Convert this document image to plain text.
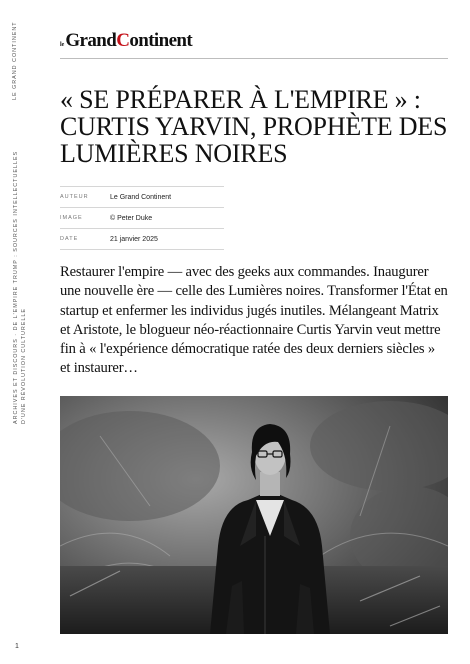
LE GRAND CONTINENT
ARCHIVES ET DISCOURS · DE L'EMPIRE TRUMP : SOURCES INTELLECTUELLES D'UNE RÉVOLUTION CULTURELLE
1
le GrandContinent
« SE PRÉPARER À L'EMPIRE » : CURTIS YARVIN, PROPHÈTE DES LUMIÈRES NOIRES
AUTEUR	Le Grand Continent
IMAGE	© Peter Duke
DATE	21 janvier 2025

Restaurer l'empire — avec des geeks aux commandes. Inaugurer une nouvelle ère — celle des Lumières noires. Transformer l'État en startup et enfermer les individus jugés inutiles. Mélangeant Matrix et Aristote, le blogueur néo-réactionnaire Curtis Yarvin veut mettre fin à « l'expérience démocratique ratée des deux derniers siècles » et instaurer…
